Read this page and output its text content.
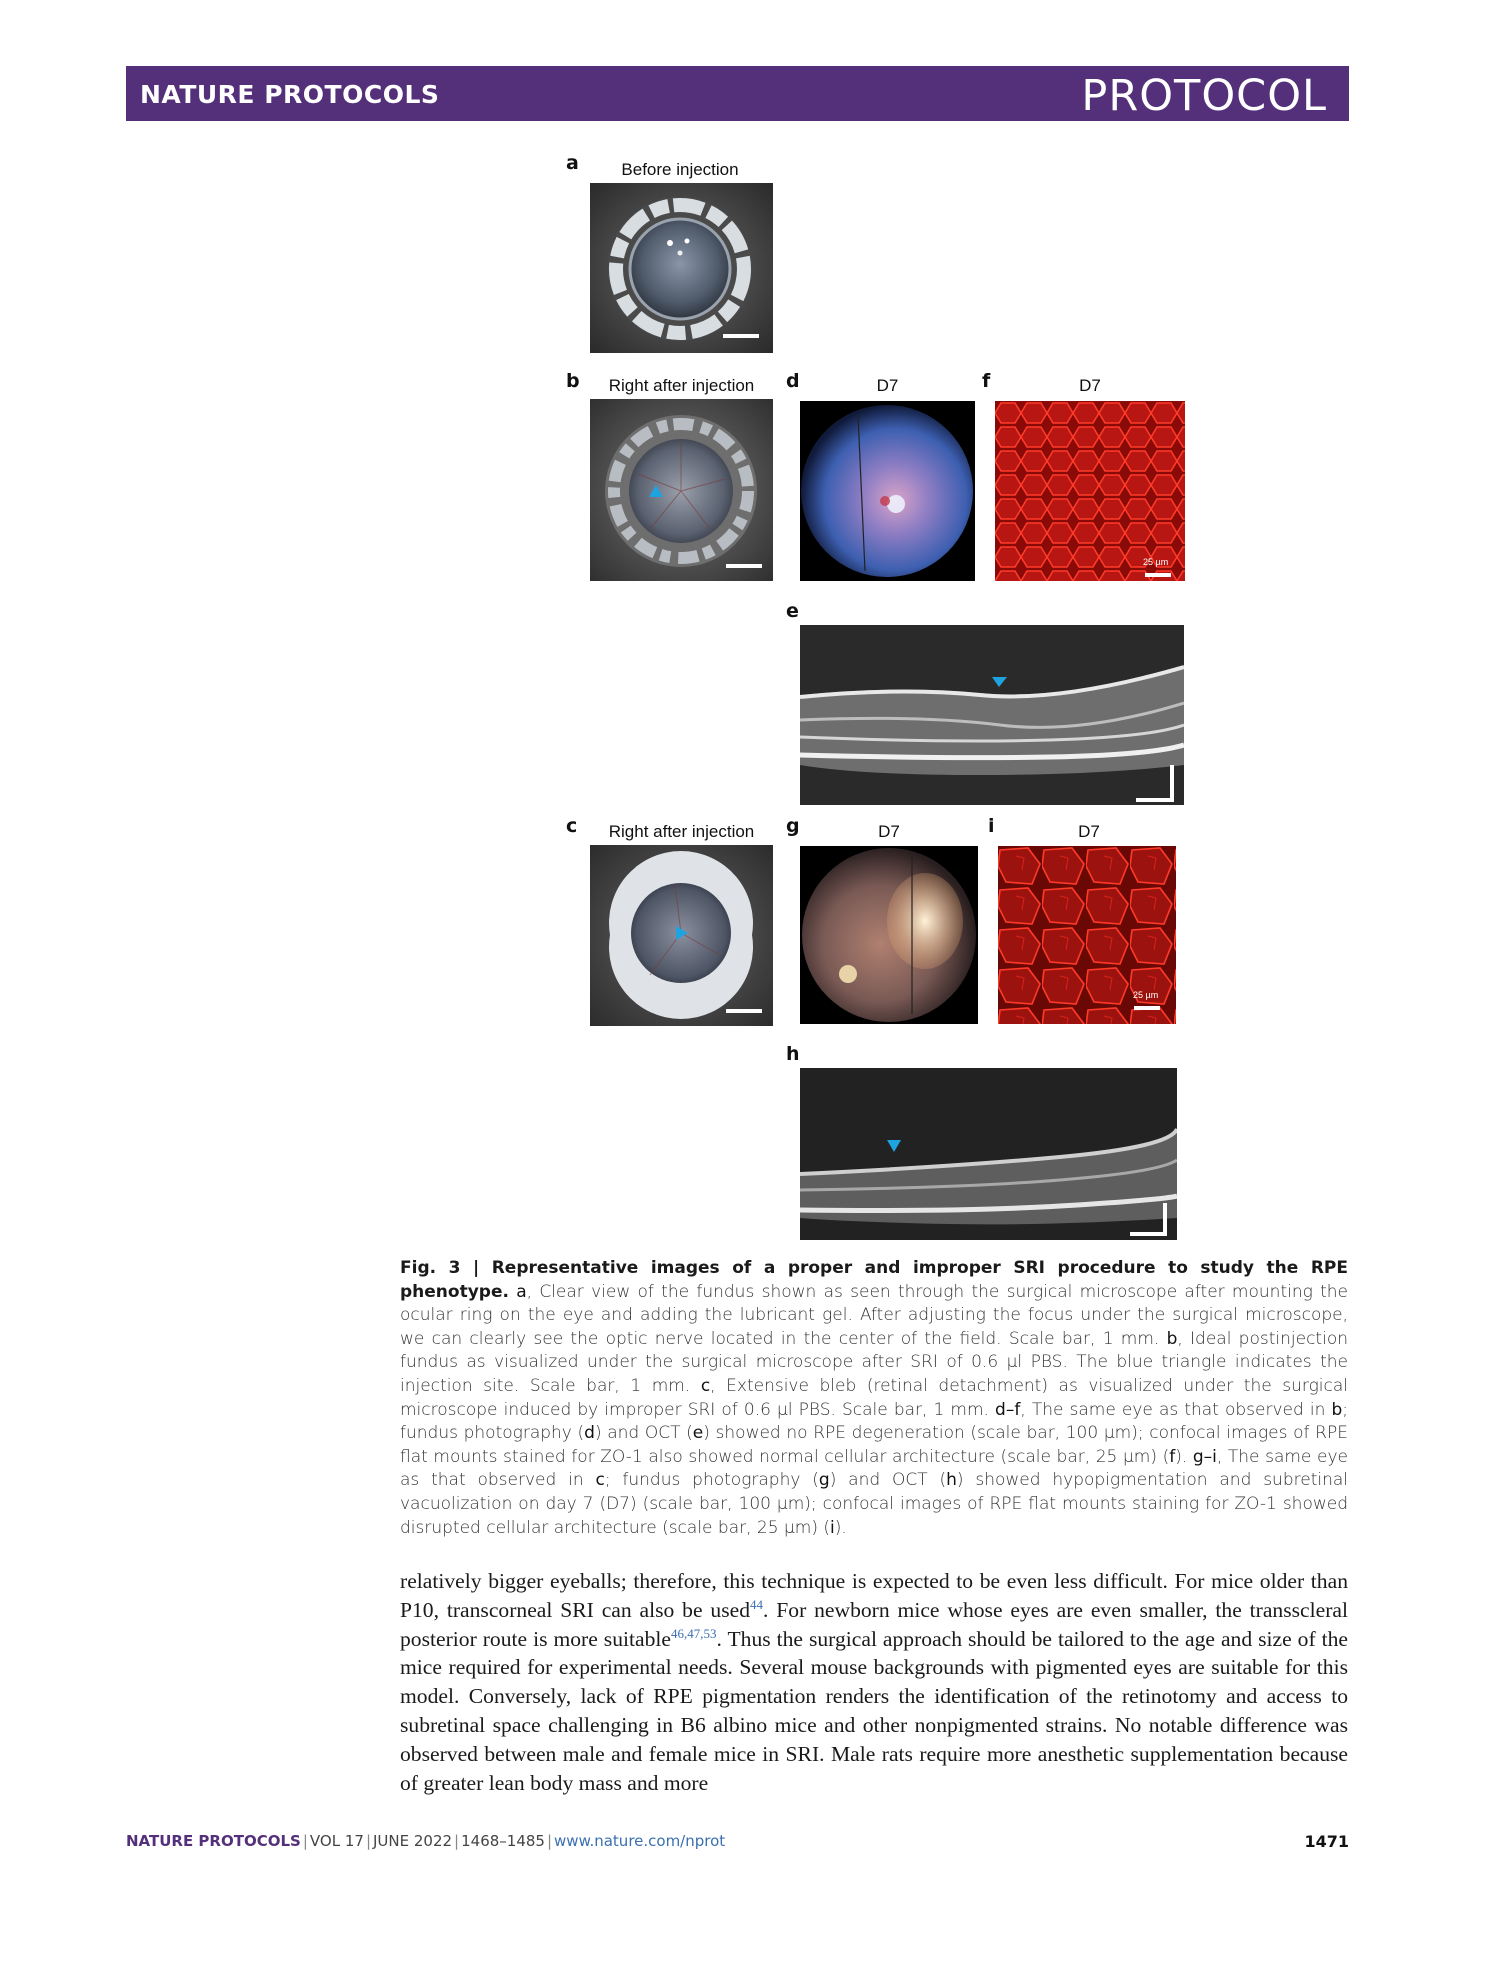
NATURE PROTOCOLS	PROTOCOL
a	Before injection
b	Right after injection	d	D7	f	D7
25 µm
e
c	Right after injection	g	D7	i	D7
25 µm
h
Fig. 3 | Representative images of a proper and improper SRI procedure to study the RPE phenotype. a, Clear view of the fundus shown as seen through the surgical microscope after mounting the ocular ring on the eye and adding the lubricant gel. After adjusting the focus under the surgical microscope, we can clearly see the optic nerve located in the center of the field. Scale bar, 1 mm. b, Ideal postinjection fundus as visualized under the surgical microscope after SRI of 0.6 µl PBS. The blue triangle indicates the injection site. Scale bar, 1 mm. c, Extensive bleb (retinal detachment) as visualized under the surgical microscope induced by improper SRI of 0.6 µl PBS. Scale bar, 1 mm. d–f, The same eye as that observed in b; fundus photography (d) and OCT (e) showed no RPE degeneration (scale bar, 100 µm); confocal images of RPE flat mounts stained for ZO-1 also showed normal cellular architecture (scale bar, 25 µm) (f). g–i, The same eye as that observed in c; fundus photography (g) and OCT (h) showed hypopigmentation and subretinal vacuolization on day 7 (D7) (scale bar, 100 µm); confocal images of RPE flat mounts staining for ZO-1 showed disrupted cellular architecture (scale bar, 25 µm) (i).
relatively bigger eyeballs; therefore, this technique is expected to be even less difficult. For mice older than P10, transcorneal SRI can also be used$^{44}$. For newborn mice whose eyes are even smaller, the transscleral posterior route is more suitable$^{46,47,53}$. Thus the surgical approach should be tailored to the age and size of the mice required for experimental needs. Several mouse backgrounds with pigmented eyes are suitable for this model. Conversely, lack of RPE pigmentation renders the identification of the retinotomy and access to subretinal space challenging in B6 albino mice and other nonpigmented strains. No notable difference was observed between male and female mice in SRI. Male rats require more anesthetic supplementation because of greater lean body mass and more
NATURE PROTOCOLS | VOL 17 | JUNE 2022 | 1468–1485 | www.nature.com/nprot	1471
